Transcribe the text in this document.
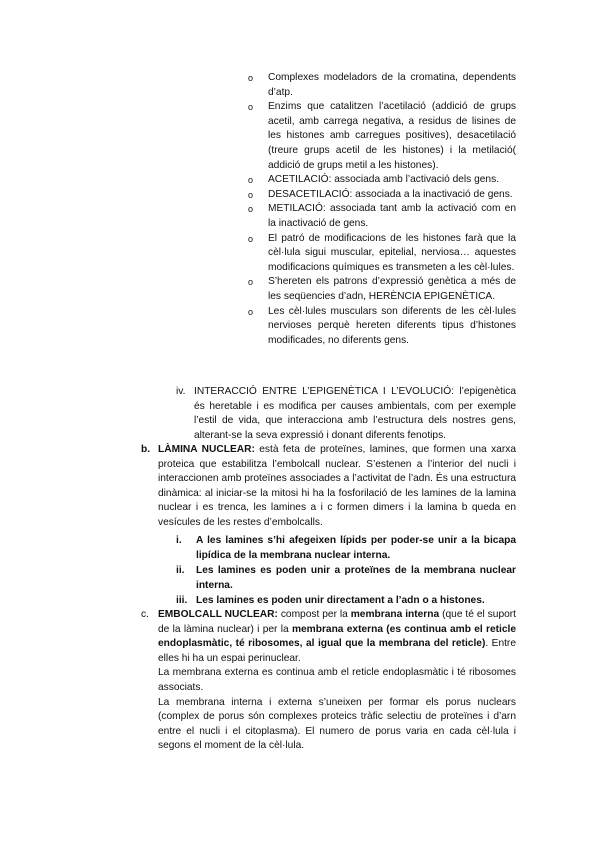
o Complexes modeladors de la cromatina, dependents d’atp.
o Enzims que catalitzen l’acetilació (addició de grups acetil, amb carrega negativa, a residus de lisines de les histones amb carregues positives), desacetilació (treure grups acetil de les histones) i la metilació( addició de grups metil a les histones).
o ACETILACIÓ: associada amb l’activació dels gens.
o DESACETILACIÓ: associada a la inactivació de gens.
o METILACIÓ: associada tant amb la activació com en la inactivació de gens.
o El patró de modificacions de les histones farà que la cèl·lula sigui muscular, epitelial, nerviosa… aquestes modificacions químiques es transmeten a les cèl·lules.
o S’hereten els patrons d’expressió genètica a més de les seqüencies d’adn, HERÈNCIA EPIGENÈTICA.
o Les cèl·lules musculars son diferents de les cèl·lules nervioses perquè hereten diferents tipus d’histones modificades, no diferents gens.
iv. INTERACCIÓ ENTRE L’EPIGENÈTICA I L’EVOLUCIÓ: l’epigenètica és heretable i es modifica per causes ambientals, com per exemple l’estil de vida, que interacciona amb l’estructura dels nostres gens, alterant-se la seva expressió i donant diferents fenotips.
b. LÀMINA NUCLEAR: està feta de proteïnes, lamines, que formen una xarxa proteica que estabilitza l’embolcall nuclear. S’estenen a l’interior del nucli i interaccionen amb proteïnes associades a l’activitat de l’adn. És una estructura dinàmica: al iniciar-se la mitosi hi ha la fosforilació de les lamines de la lamina nuclear i es trenca, les lamines a i c formen dimers i la lamina b queda en vesícules de les restes d’embolcalls.
i.	A les lamines s’hi afegeixen lípids per poder-se unir a la bicapa lipídica de la membrana nuclear interna.
ii.	Les lamines es poden unir a proteïnes de la membrana nuclear interna.
iii. Les lamines es poden unir directament a l’adn o a histones.
c. EMBOLCALL NUCLEAR: compost per la membrana interna (que té el suport de la làmina nuclear) i per la membrana externa (es continua amb el reticle endoplasmàtic, té ribosomes, al igual que la membrana del reticle). Entre elles hi ha un espai perinuclear.
La membrana externa es continua amb el reticle endoplasmàtic i té ribosomes associats.
La membrana interna i externa s’uneixen per formar els porus nuclears (complex de porus són complexes proteics tràfic selectiu de proteïnes i d’arn entre el nucli i el citoplasma). El numero de porus varia en cada cèl·lula i segons el moment de la cèl·lula.
